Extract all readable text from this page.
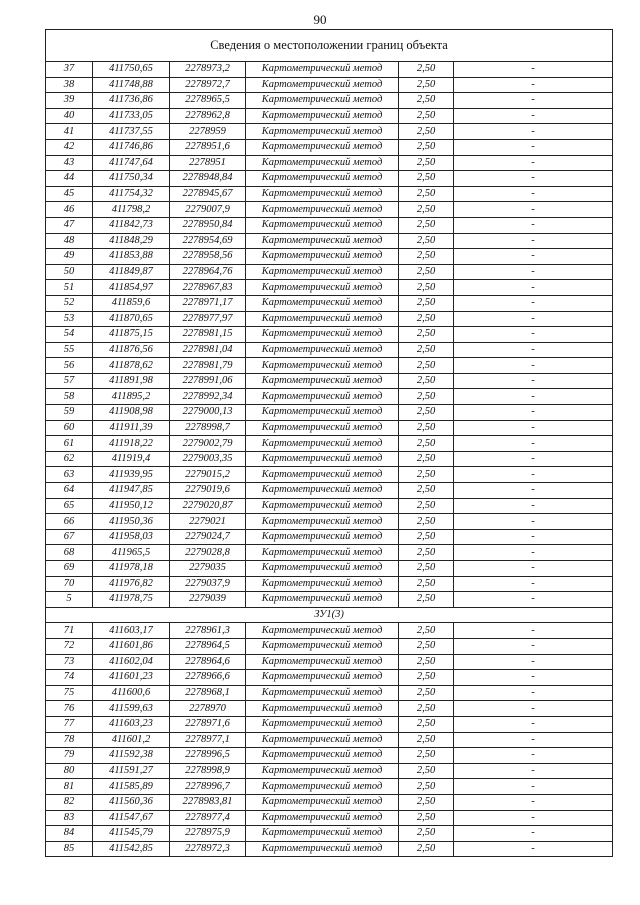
90
Сведения о местоположении границ объекта					
37	411750,65	2278973,2	Картометрический метод	2,50	-
38	411748,88	2278972,7	Картометрический метод	2,50	-
39	411736,86	2278965,5	Картометрический метод	2,50	-
40	411733,05	2278962,8	Картометрический метод	2,50	-
41	411737,55	2278959	Картометрический метод	2,50	-
42	411746,86	2278951,6	Картометрический метод	2,50	-
43	411747,64	2278951	Картометрический метод	2,50	-
44	411750,34	2278948,84	Картометрический метод	2,50	-
45	411754,32	2278945,67	Картометрический метод	2,50	-
46	411798,2	2279007,9	Картометрический метод	2,50	-
47	411842,73	2278950,84	Картометрический метод	2,50	-
48	411848,29	2278954,69	Картометрический метод	2,50	-
49	411853,88	2278958,56	Картометрический метод	2,50	-
50	411849,87	2278964,76	Картометрический метод	2,50	-
51	411854,97	2278967,83	Картометрический метод	2,50	-
52	411859,6	2278971,17	Картометрический метод	2,50	-
53	411870,65	2278977,97	Картометрический метод	2,50	-
54	411875,15	2278981,15	Картометрический метод	2,50	-
55	411876,56	2278981,04	Картометрический метод	2,50	-
56	411878,62	2278981,79	Картометрический метод	2,50	-
57	411891,98	2278991,06	Картометрический метод	2,50	-
58	411895,2	2278992,34	Картометрический метод	2,50	-
59	411908,98	2279000,13	Картометрический метод	2,50	-
60	411911,39	2278998,7	Картометрический метод	2,50	-
61	411918,22	2279002,79	Картометрический метод	2,50	-
62	411919,4	2279003,35	Картометрический метод	2,50	-
63	411939,95	2279015,2	Картометрический метод	2,50	-
64	411947,85	2279019,6	Картометрический метод	2,50	-
65	411950,12	2279020,87	Картометрический метод	2,50	-
66	411950,36	2279021	Картометрический метод	2,50	-
67	411958,03	2279024,7	Картометрический метод	2,50	-
68	411965,5	2279028,8	Картометрический метод	2,50	-
69	411978,18	2279035	Картометрический метод	2,50	-
70	411976,82	2279037,9	Картометрический метод	2,50	-
5	411978,75	2279039	Картометрический метод	2,50	-
ЗУ1(3)					
71	411603,17	2278961,3	Картометрический метод	2,50	-
72	411601,86	2278964,5	Картометрический метод	2,50	-
73	411602,04	2278964,6	Картометрический метод	2,50	-
74	411601,23	2278966,6	Картометрический метод	2,50	-
75	411600,6	2278968,1	Картометрический метод	2,50	-
76	411599,63	2278970	Картометрический метод	2,50	-
77	411603,23	2278971,6	Картометрический метод	2,50	-
78	411601,2	2278977,1	Картометрический метод	2,50	-
79	411592,38	2278996,5	Картометрический метод	2,50	-
80	411591,27	2278998,9	Картометрический метод	2,50	-
81	411585,89	2278996,7	Картометрический метод	2,50	-
82	411560,36	2278983,81	Картометрический метод	2,50	-
83	411547,67	2278977,4	Картометрический метод	2,50	-
84	411545,79	2278975,9	Картометрический метод	2,50	-
85	411542,85	2278972,3	Картометрический метод	2,50	-
